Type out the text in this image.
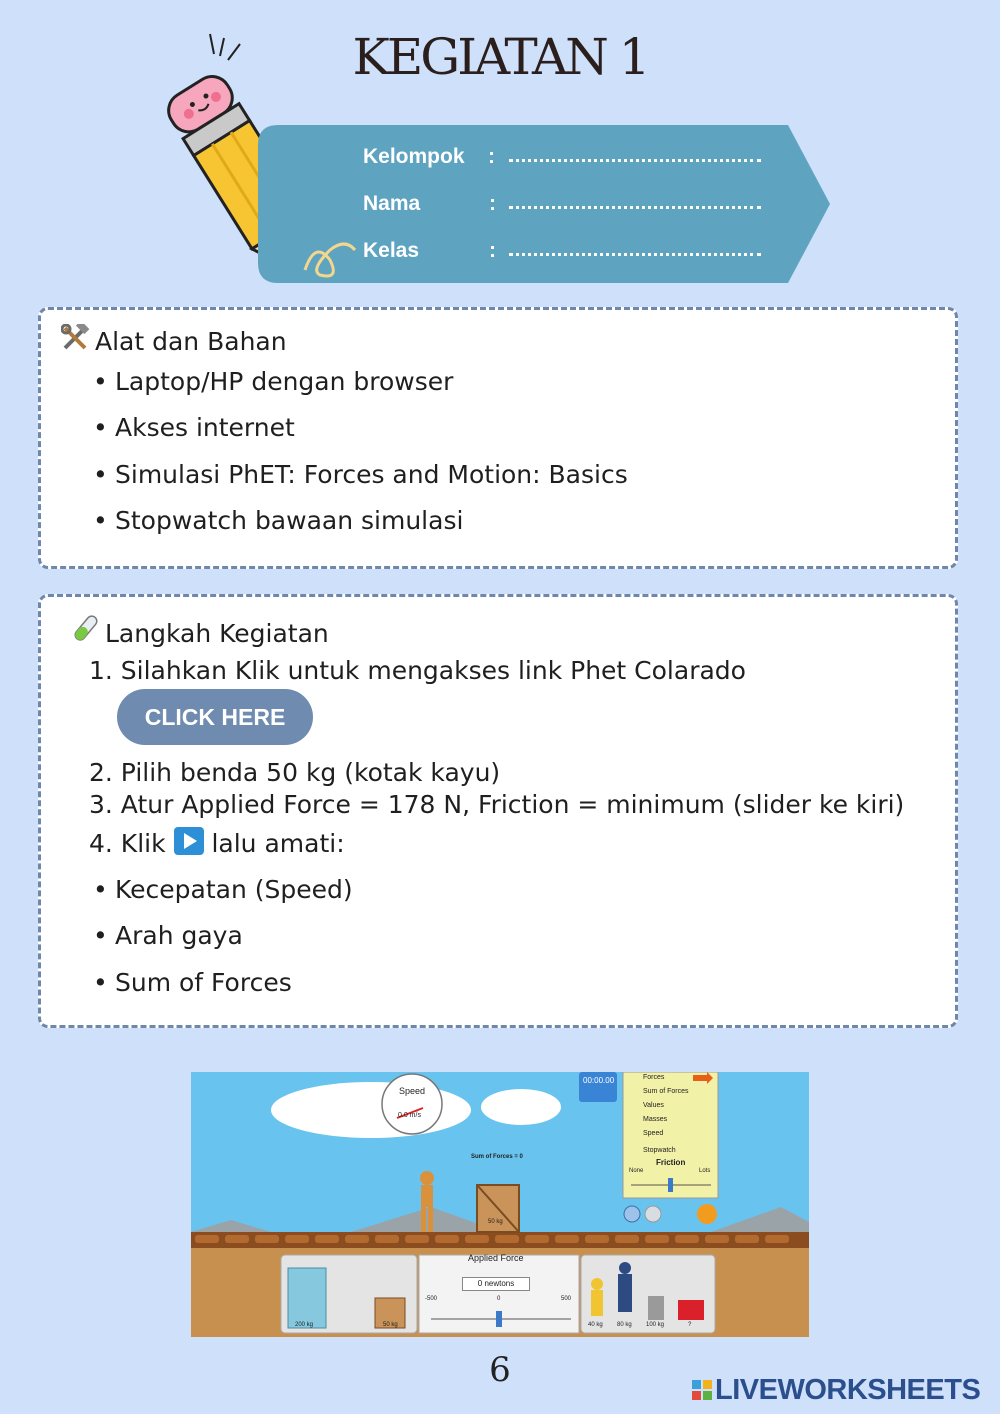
KEGIATAN 1
Kelompok :
Nama	:
Kelas	:
Alat dan Bahan
• Laptop/HP dengan browser
• Akses internet
• Simulasi PhET: Forces and Motion: Basics
• Stopwatch bawaan simulasi
Langkah Kegiatan
1. Silahkan Klik untuk mengakses link Phet Colarado
CLICK HERE
2. Pilih benda 50 kg (kotak kayu)
3. Atur Applied Force = 178 N, Friction = minimum (slider ke kiri)
4. Klik lalu amati:
• Kecepatan (Speed)
• Arah gaya
• Sum of Forces
Speed
0.0 m/s
Sum of Forces = 0
50 kg
00:00.00	Forces
Sum of Forces
Values
Masses
Speed
Stopwatch
Friction
None	Lots
Applied Force
0 newtons
-500	0	500
200 kg	50 kg	40 kg 80 kg 100 kg	?
6	LIVEWORKSHEETS
